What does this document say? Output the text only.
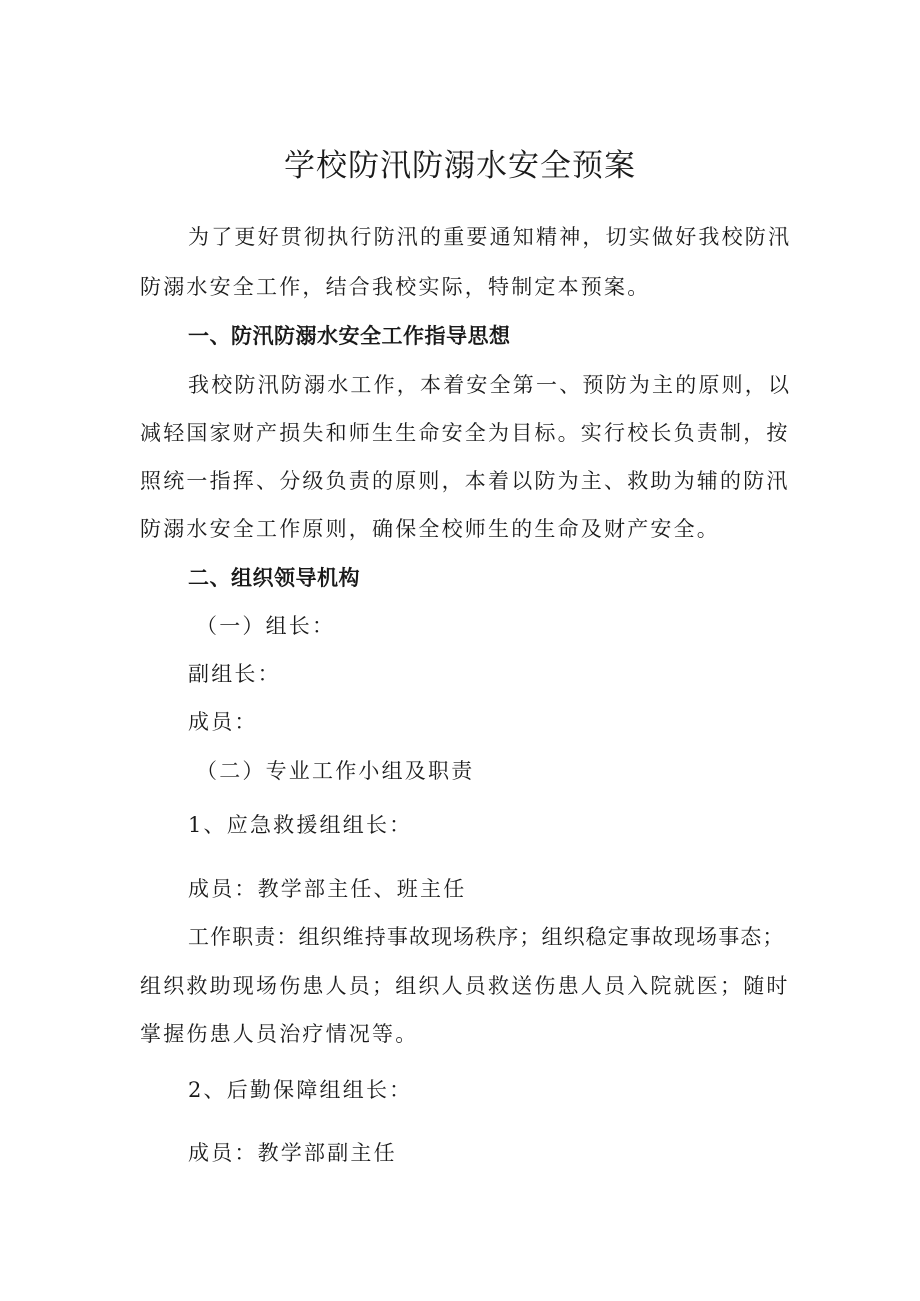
学校防汛防溺水安全预案
为了更好贯彻执行防汛的重要通知精神，切实做好我校防汛
防溺水安全工作，结合我校实际，特制定本预案。
一、防汛防溺水安全工作指导思想
我校防汛防溺水工作，本着安全第一、预防为主的原则，以
减轻国家财产损失和师生生命安全为目标。实行校长负责制，按
照统一指挥、分级负责的原则，本着以防为主、救助为辅的防汛
防溺水安全工作原则，确保全校师生的生命及财产安全。
二、组织领导机构
（一）组长：
副组长：
成员：
（二）专业工作小组及职责
1、应急救援组组长：
成员：教学部主任、班主任
工作职责：组织维持事故现场秩序；组织稳定事故现场事态；
组织救助现场伤患人员；组织人员救送伤患人员入院就医；随时
掌握伤患人员治疗情况等。
2、后勤保障组组长：
成员：教学部副主任
